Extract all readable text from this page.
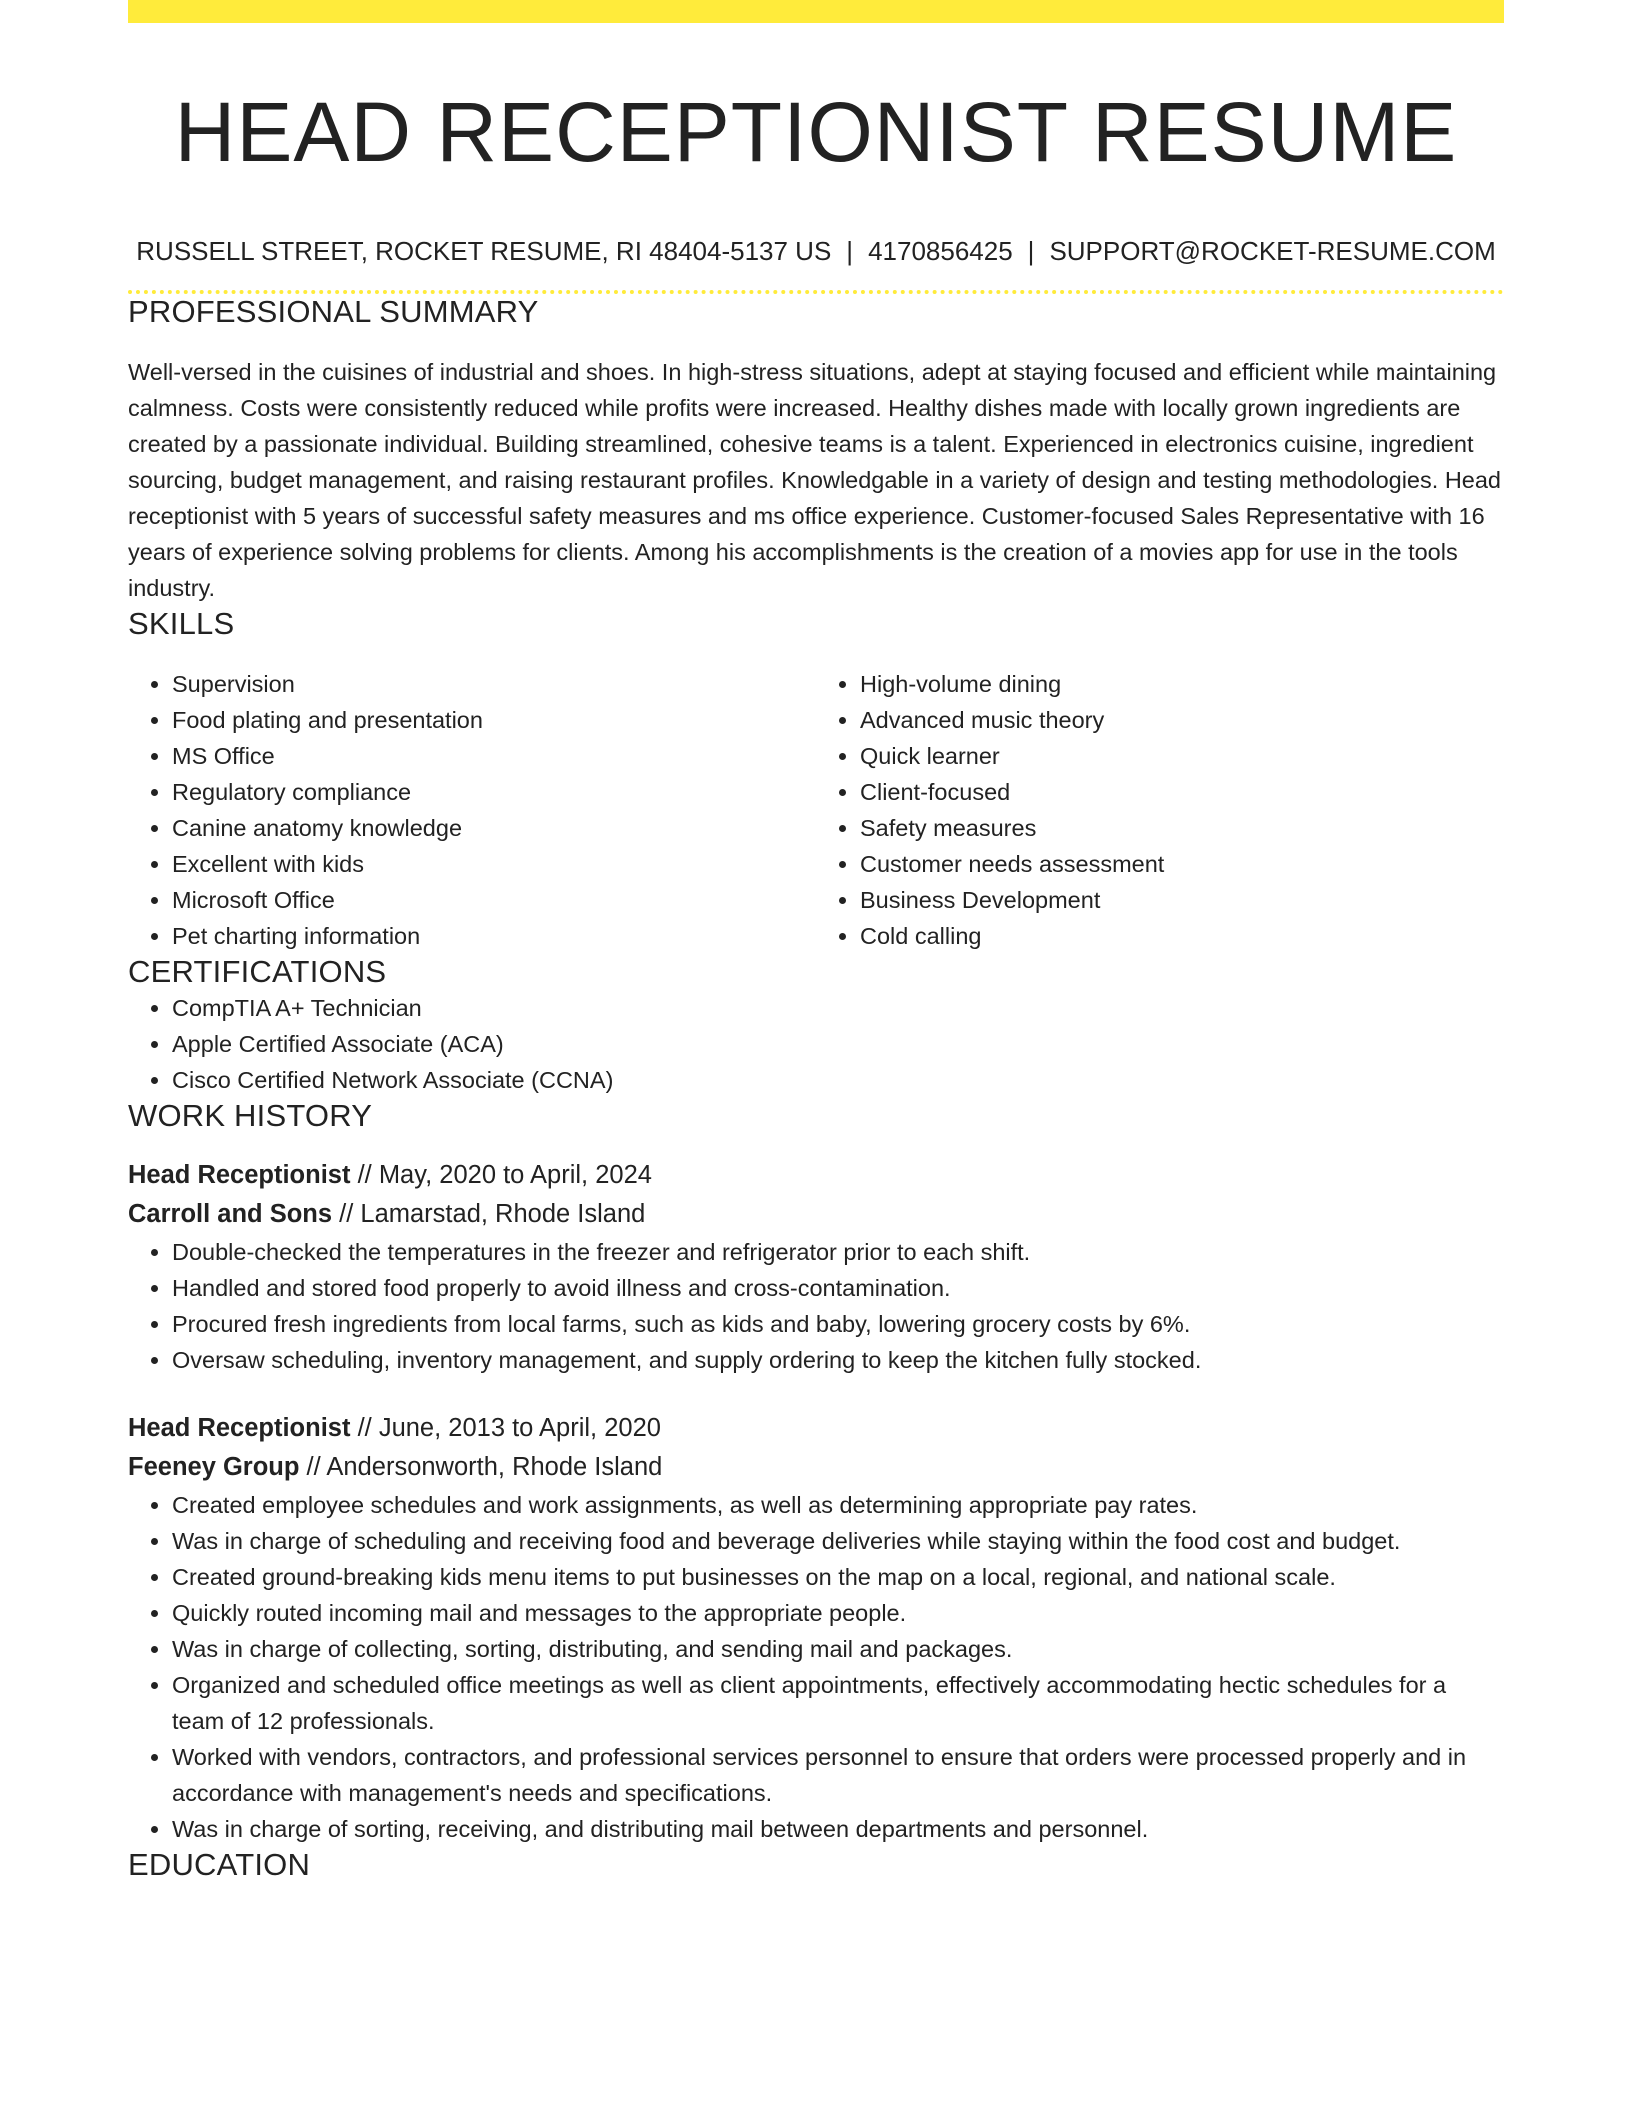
HEAD RECEPTIONIST RESUME
RUSSELL STREET, ROCKET RESUME, RI 48404-5137 US | 4170856425 | SUPPORT@ROCKET-RESUME.COM
PROFESSIONAL SUMMARY

Well-versed in the cuisines of industrial and shoes. In high-stress situations, adept at staying focused and efficient while maintaining calmness. Costs were consistently reduced while profits were increased. Healthy dishes made with locally grown ingredients are created by a passionate individual. Building streamlined, cohesive teams is a talent. Experienced in electronics cuisine, ingredient sourcing, budget management, and raising restaurant profiles. Knowledgable in a variety of design and testing methodologies. Head receptionist with 5 years of successful safety measures and ms office experience. Customer-focused Sales Representative with 16 years of experience solving problems for clients. Among his accomplishments is the creation of a movies app for use in the tools industry.

SKILLS
• Supervision
• Food plating and presentation
• MS Office
• Regulatory compliance
• Canine anatomy knowledge
• Excellent with kids
• Microsoft Office
• Pet charting information
• High-volume dining
• Advanced music theory
• Quick learner
• Client-focused
• Safety measures
• Customer needs assessment
• Business Development
• Cold calling
CERTIFICATIONS
• CompTIA A+ Technician
• Apple Certified Associate (ACA)
• Cisco Certified Network Associate (CCNA)
WORK HISTORY
Head Receptionist // May, 2020 to April, 2024
Carroll and Sons // Lamarstad, Rhode Island
• Double-checked the temperatures in the freezer and refrigerator prior to each shift.
• Handled and stored food properly to avoid illness and cross-contamination.
• Procured fresh ingredients from local farms, such as kids and baby, lowering grocery costs by 6%.
• Oversaw scheduling, inventory management, and supply ordering to keep the kitchen fully stocked.
Head Receptionist // June, 2013 to April, 2020
Feeney Group // Andersonworth, Rhode Island
• Created employee schedules and work assignments, as well as determining appropriate pay rates.
• Was in charge of scheduling and receiving food and beverage deliveries while staying within the food cost and budget.
• Created ground-breaking kids menu items to put businesses on the map on a local, regional, and national scale.
• Quickly routed incoming mail and messages to the appropriate people.
• Was in charge of collecting, sorting, distributing, and sending mail and packages.
• Organized and scheduled office meetings as well as client appointments, effectively accommodating hectic schedules for a team of 12 professionals.
• Worked with vendors, contractors, and professional services personnel to ensure that orders were processed properly and in accordance with management's needs and specifications.
• Was in charge of sorting, receiving, and distributing mail between departments and personnel.
EDUCATION
